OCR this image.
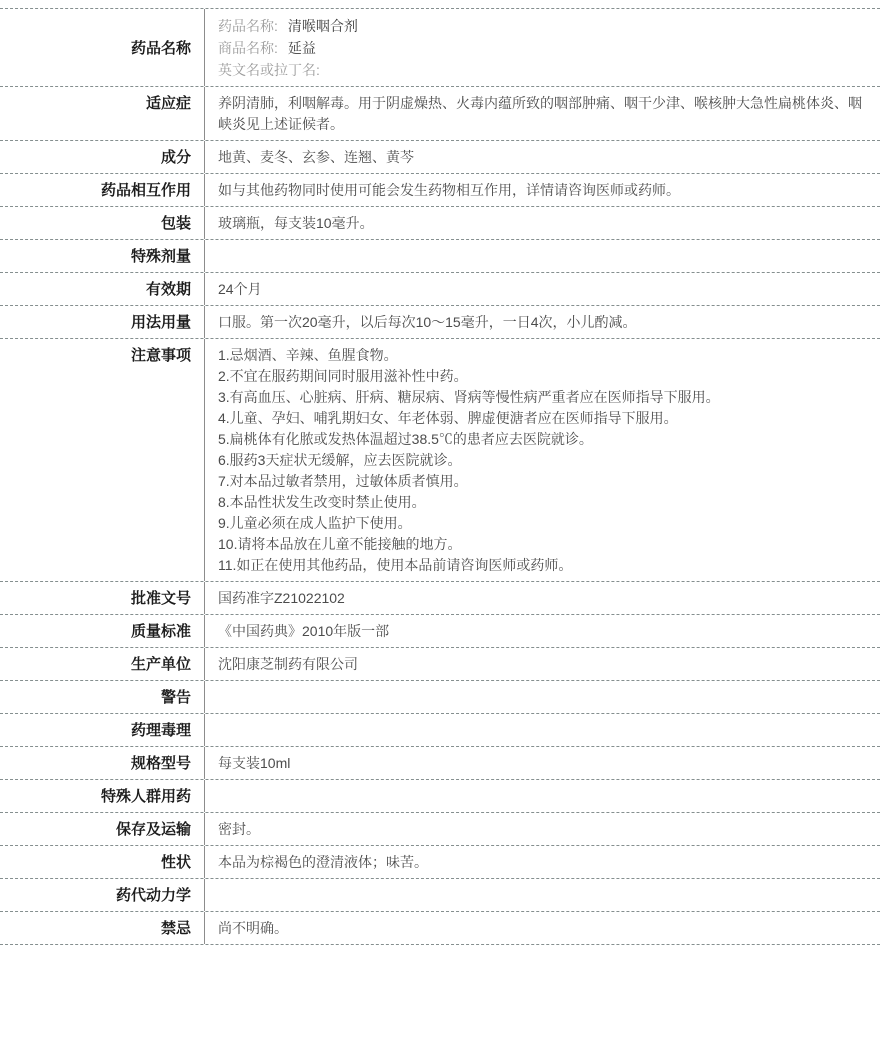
药品名称
药品名称: 清喉咽合剂
商品名称: 延益
英文名或拉丁名:
适应症	养阴清肺，利咽解毒。用于阴虚燥热、火毒内蕴所致的咽部肿痛、咽干少津、喉核肿大急性扁桃体炎、咽峡炎见上述证候者。
成分	地黄、麦冬、玄参、连翘、黄芩
药品相互作用	如与其他药物同时使用可能会发生药物相互作用，详情请咨询医师或药师。
包装	玻璃瓶，每支装10毫升。
特殊剂量
有效期	24个月
用法用量	口服。第一次20毫升，以后每次10～15毫升，一日4次，小儿酌减。
注意事项	1.忌烟酒、辛辣、鱼腥食物。
2.不宜在服药期间同时服用滋补性中药。
3.有高血压、心脏病、肝病、糖尿病、肾病等慢性病严重者应在医师指导下服用。
4.儿童、孕妇、哺乳期妇女、年老体弱、脾虚便溏者应在医师指导下服用。
5.扁桃体有化脓或发热体温超过38.5℃的患者应去医院就诊。
6.服药3天症状无缓解，应去医院就诊。
7.对本品过敏者禁用，过敏体质者慎用。
8.本品性状发生改变时禁止使用。
9.儿童必须在成人监护下使用。
10.请将本品放在儿童不能接触的地方。
11.如正在使用其他药品，使用本品前请咨询医师或药师。
批准文号	国药准字Z21022102
质量标准	《中国药典》2010年版一部
生产单位	沈阳康芝制药有限公司
警告
药理毒理
规格型号	每支装10ml
特殊人群用药
保存及运输	密封。
性状	本品为棕褐色的澄清液体；味苦。
药代动力学
禁忌	尚不明确。
